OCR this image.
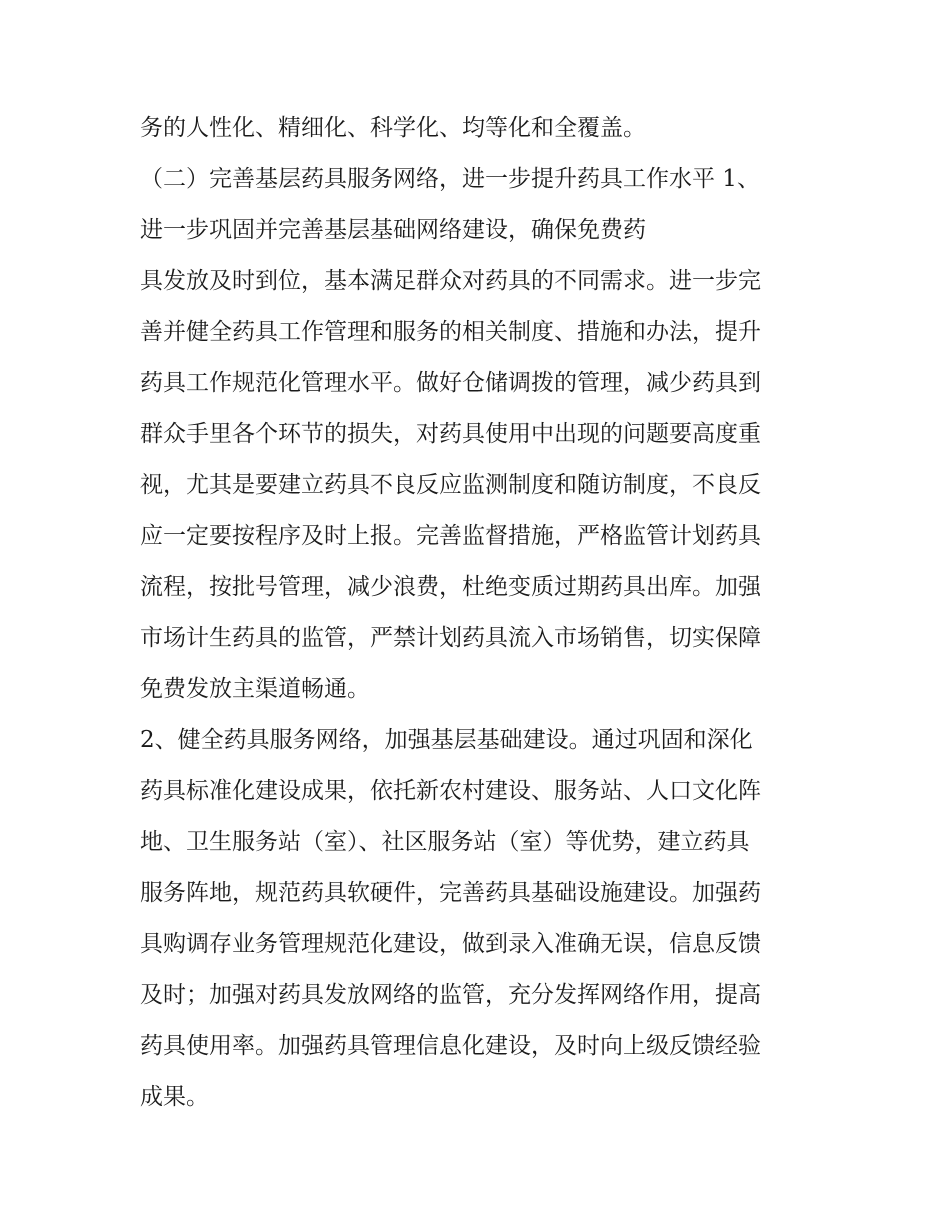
务的人性化、精细化、科学化、均等化和全覆盖。
（二）完善基层药具服务网络，进一步提升药具工作水平 1、
进一步巩固并完善基层基础网络建设，确保免费药
具发放及时到位，基本满足群众对药具的不同需求。进一步完
善并健全药具工作管理和服务的相关制度、措施和办法，提升
药具工作规范化管理水平。做好仓储调拨的管理，减少药具到
群众手里各个环节的损失，对药具使用中出现的问题要高度重
视，尤其是要建立药具不良反应监测制度和随访制度，不良反
应一定要按程序及时上报。完善监督措施，严格监管计划药具
流程，按批号管理，减少浪费，杜绝变质过期药具出库。加强
市场计生药具的监管，严禁计划药具流入市场销售，切实保障
免费发放主渠道畅通。
2、健全药具服务网络，加强基层基础建设。通过巩固和深化
药具标准化建设成果，依托新农村建设、服务站、人口文化阵
地、卫生服务站（室）、社区服务站（室）等优势，建立药具
服务阵地，规范药具软硬件，完善药具基础设施建设。加强药
具购调存业务管理规范化建设，做到录入准确无误，信息反馈
及时；加强对药具发放网络的监管，充分发挥网络作用，提高
药具使用率。加强药具管理信息化建设，及时向上级反馈经验
成果。
